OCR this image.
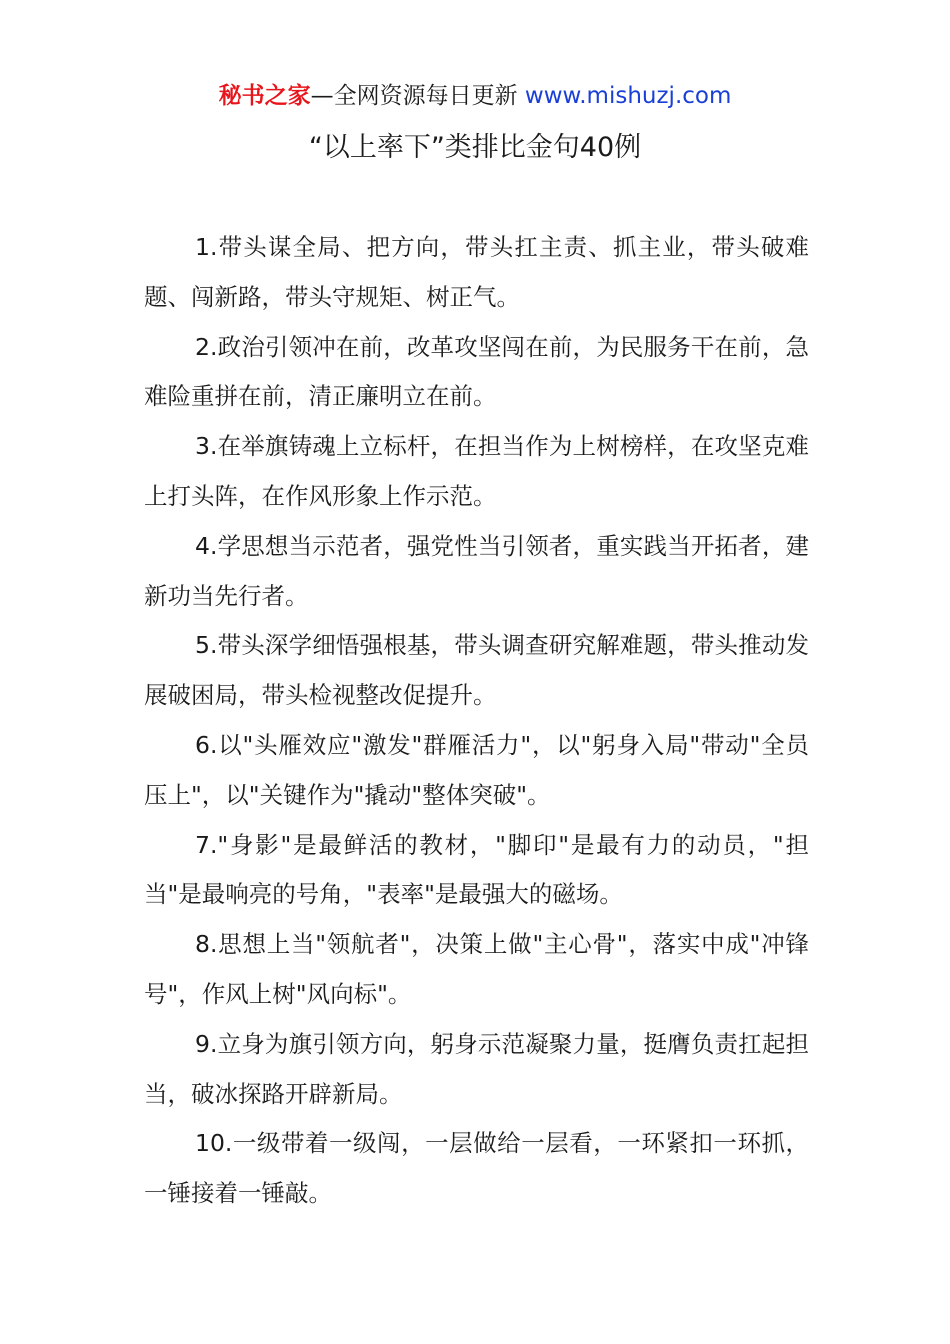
秘书之家—全网资源每日更新 www.mishuzj.com
“以上率下”类排比金句40例

1.带头谋全局、把方向，带头扛主责、抓主业，带头破难题、闯新路，带头守规矩、树正气。

2.政治引领冲在前，改革攻坚闯在前，为民服务干在前，急难险重拼在前，清正廉明立在前。

3.在举旗铸魂上立标杆，在担当作为上树榜样，在攻坚克难上打头阵，在作风形象上作示范。

4.学思想当示范者，强党性当引领者，重实践当开拓者，建新功当先行者。

5.带头深学细悟强根基，带头调查研究解难题，带头推动发展破困局，带头检视整改促提升。

6.以"头雁效应"激发"群雁活力"，以"躬身入局"带动"全员压上"，以"关键作为"撬动"整体突破"。

7."身影"是最鲜活的教材，"脚印"是最有力的动员，"担当"是最响亮的号角，"表率"是最强大的磁场。

8.思想上当"领航者"，决策上做"主心骨"，落实中成"冲锋号"，作风上树"风向标"。

9.立身为旗引领方向，躬身示范凝聚力量，挺膺负责扛起担当，破冰探路开辟新局。

10.一级带着一级闯，一层做给一层看，一环紧扣一环抓，一锤接着一锤敲。
